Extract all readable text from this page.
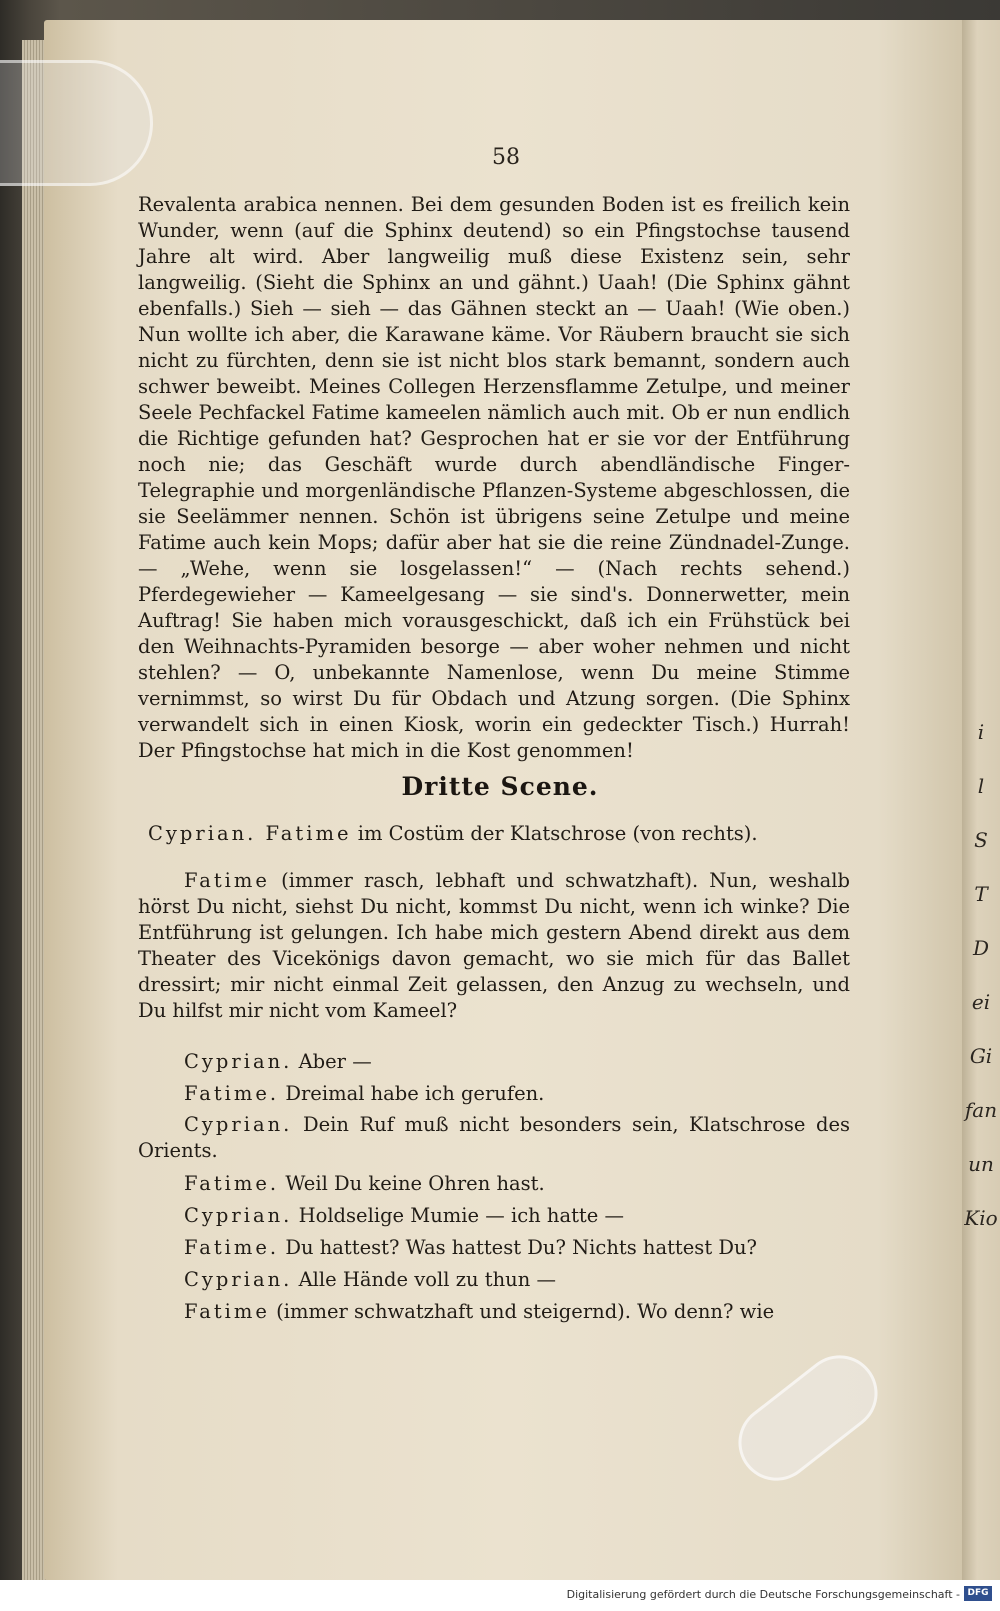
i
l
S
T
D
ei
Gi
fan
un
Kio
58
Revalenta arabica nennen. Bei dem gesunden Boden ist es freilich kein Wunder, wenn (auf die Sphinx deutend) so ein Pfingstochse tausend Jahre alt wird. Aber langweilig muß diese Existenz sein, sehr langweilig. (Sieht die Sphinx an und gähnt.) Uaah! (Die Sphinx gähnt ebenfalls.) Sieh — sieh — das Gähnen steckt an — Uaah! (Wie oben.) Nun wollte ich aber, die Karawane käme. Vor Räubern braucht sie sich nicht zu fürchten, denn sie ist nicht blos stark bemannt, sondern auch schwer beweibt. Meines Collegen Herzensflamme Zetulpe, und meiner Seele Pechfackel Fatime kameelen nämlich auch mit. Ob er nun endlich die Richtige gefunden hat? Gesprochen hat er sie vor der Entführung noch nie; das Geschäft wurde durch abendländische Finger-Telegraphie und morgenländische Pflanzen-Systeme abgeschlossen, die sie Seelämmer nennen. Schön ist übrigens seine Zetulpe und meine Fatime auch kein Mops; dafür aber hat sie die reine Zündnadel-Zunge. — „Wehe, wenn sie losgelassen!“ — (Nach rechts sehend.) Pferdegewieher — Kameelgesang — sie sind's. Donnerwetter, mein Auftrag! Sie haben mich vorausgeschickt, daß ich ein Frühstück bei den Weihnachts-Pyramiden besorge — aber woher nehmen und nicht stehlen? — O, unbekannte Namenlose, wenn Du meine Stimme vernimmst, so wirst Du für Obdach und Atzung sorgen. (Die Sphinx verwandelt sich in einen Kiosk, worin ein gedeckter Tisch.) Hurrah! Der Pfingstochse hat mich in die Kost genommen!
Dritte Scene.
Cyprian. Fatime im Costüm der Klatschrose (von rechts).
Fatime (immer rasch, lebhaft und schwatzhaft). Nun, weshalb hörst Du nicht, siehst Du nicht, kommst Du nicht, wenn ich winke? Die Entführung ist gelungen. Ich habe mich gestern Abend direkt aus dem Theater des Vicekönigs davon gemacht, wo sie mich für das Ballet dressirt; mir nicht einmal Zeit gelassen, den Anzug zu wechseln, und Du hilfst mir nicht vom Kameel?
Cyprian. Aber —
Fatime. Dreimal habe ich gerufen.
Cyprian. Dein Ruf muß nicht besonders sein, Klatschrose des Orients.
Fatime. Weil Du keine Ohren hast.
Cyprian. Holdselige Mumie — ich hatte —
Fatime. Du hattest? Was hattest Du? Nichts hattest Du?
Cyprian. Alle Hände voll zu thun —
Fatime (immer schwatzhaft und steigernd). Wo denn? wie
Digitalisierung gefördert durch die Deutsche Forschungsgemeinschaft - DFG
